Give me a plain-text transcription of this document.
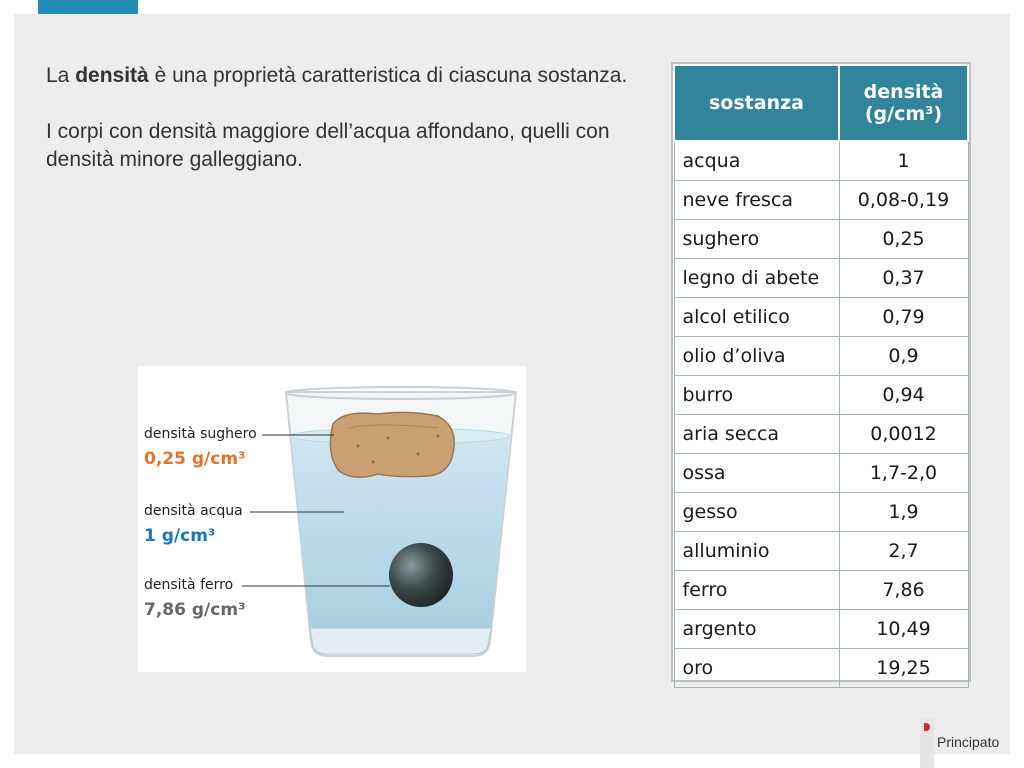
La densità è una proprietà caratteristica di ciascuna sostanza.

I corpi con densità maggiore dell’acqua affondano, quelli con densità minore galleggiano.

sostanza	densità (g/cm³)
acqua	1
neve fresca	0,08-0,19
sughero	0,25
legno di abete	0,37
alcol etilico	0,79
olio d’oliva	0,9
burro	0,94
aria secca	0,0012
ossa	1,7-2,0
gesso	1,9
alluminio	2,7
ferro	7,86
argento	10,49
oro	19,25
densità sughero
0,25 g/cm³
densità acqua
1 g/cm³
densità ferro
7,86 g/cm³
Principato
